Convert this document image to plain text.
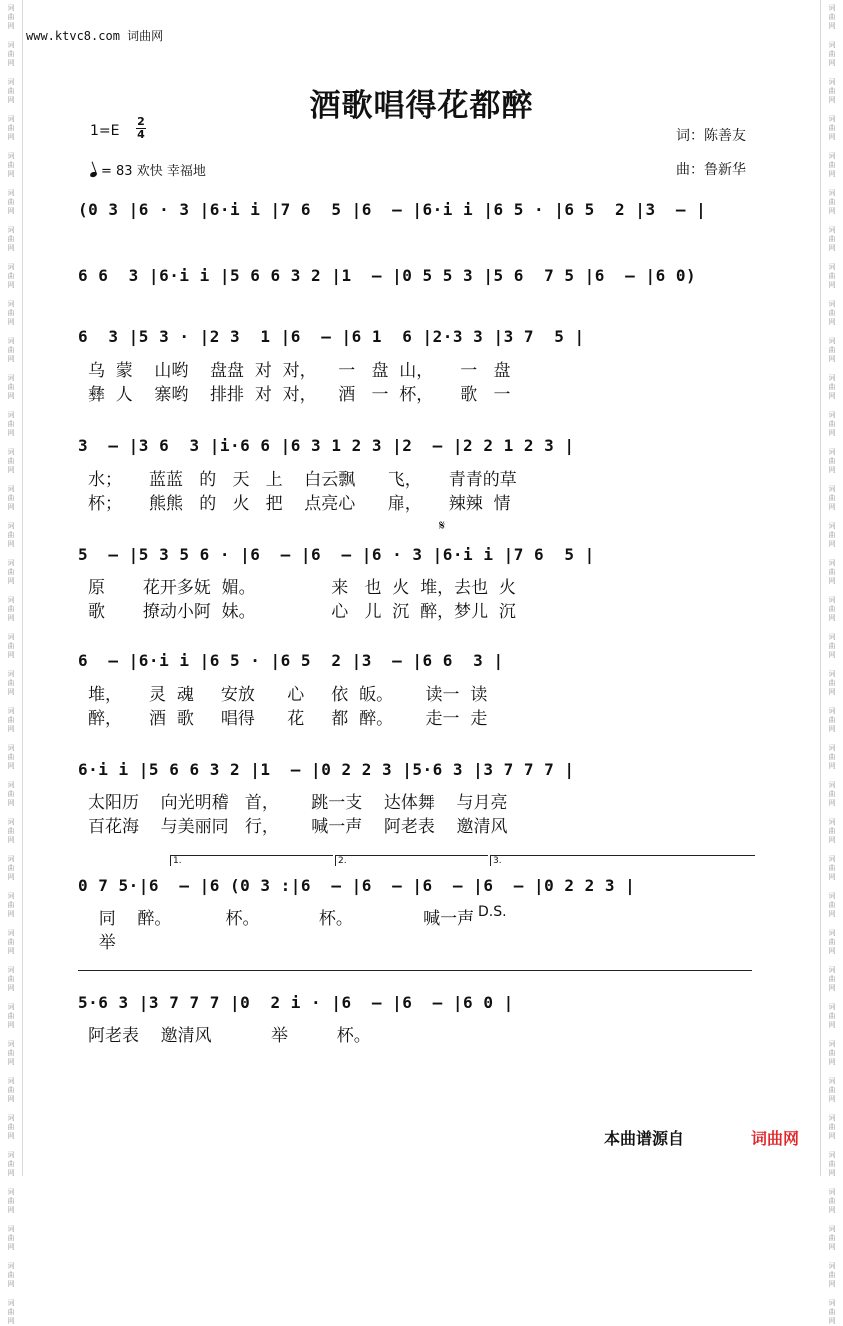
词
曲
网
词
曲
网
词
曲
网
词
曲
网
词
曲
网
词
曲
网
词
曲
网
词
曲
网
词
曲
网
词
曲
网
词
曲
网
词
曲
网
词
曲
网
词
曲
网
词
曲
网
词
曲
网
词
曲
网
词
曲
网
词
曲
网
词
曲
网
词
曲
网
词
曲
网
词
曲
网
词
曲
网
词
曲
网
词
曲
网
词
曲
网
词
曲
网
词
曲
网
词
曲
网
词
曲
网
词
曲
网
词
曲
网
词
曲
网
词
曲
网
词
曲
网
词
曲
网
词
曲
网
词
曲
网
词
曲
网
词
曲
网
词
曲
网
词
曲
网
词
曲
网
词
曲
网
词
曲
网
词
曲
网
词
曲
网
词
曲
网
词
曲
网
词
曲
网
词
曲
网
词
曲
网
词
曲
网
词
曲
网
词
曲
网
词
曲
网
词
曲
网
词
曲
网
词
曲
网
词
曲
网
词
曲
网
词
曲
网
词
曲
网
词
曲
网
词
曲
网
词
曲
网
词
曲
网
词
曲
网
词
曲
网
词
曲
网
词
曲
网
www.ktvc8.com 词曲网
酒歌唱得花都醉
1=E
2
4
= 83 欢快 幸福地
词：陈善友
曲：鲁新华
(0 3 |6 · 3 |6·i i |7 6  5 |6  – |6·i i |6 5 · |6 5  2 |3  – |
6 6  3 |6·i i |5 6 6 3 2 |1  – |0 5 5 3 |5 6  7 5 |6  – |6 0)
6  3 |5 3 · |2 3  1 |6  – |6 1  6 |2·3 3 |3 7  5 |
乌  蒙    山哟    盘盘  对  对，    一   盘  山，     一   盘
彝  人    寨哟    排排  对  对，    酒   一  杯，     歌   一
3  – |3 6  3 |i·6 6 |6 3 1 2 3 |2  – |2 2 1 2 3 |
水；     蓝蓝   的   天   上    白云飘      飞，     青青的草
杯；     熊熊   的   火   把    点亮心      扉，     辣辣  情
𝄋
5  – |5 3 5 6 · |6  – |6  – |6 · 3 |6·i i |7 6  5 |
原       花开多妩  媚。              来   也  火  堆，去也  火
歌       撩动小阿  妹。              心   儿  沉  醉，梦儿  沉
6  – |6·i i |6 5 · |6 5  2 |3  – |6 6  3 |
堆，     灵  魂     安放      心     依  皈。      读一  读
醉，     酒  歌     唱得      花     都  醉。      走一  走
6·i i |5 6 6 3 2 |1  – |0 2 2 3 |5·6 3 |3 7 7 7 |
太阳历    向光明稽   首，      跳一支    达体舞    与月亮
百花海    与美丽同   行，      喊一声    阿老表    邀清风
1.	2.	3.
0 7 5·|6  – |6 (0 3 :|6  – |6  – |6  – |6  – |0 2 2 3 |
同    醉。          杯。           杯。             喊一声
举
D.S.
5·6 3 |3 7 7 7 |0  2 i · |6  – |6  – |6 0 |
阿老表    邀清风           举         杯。
本曲谱源自	词曲网
